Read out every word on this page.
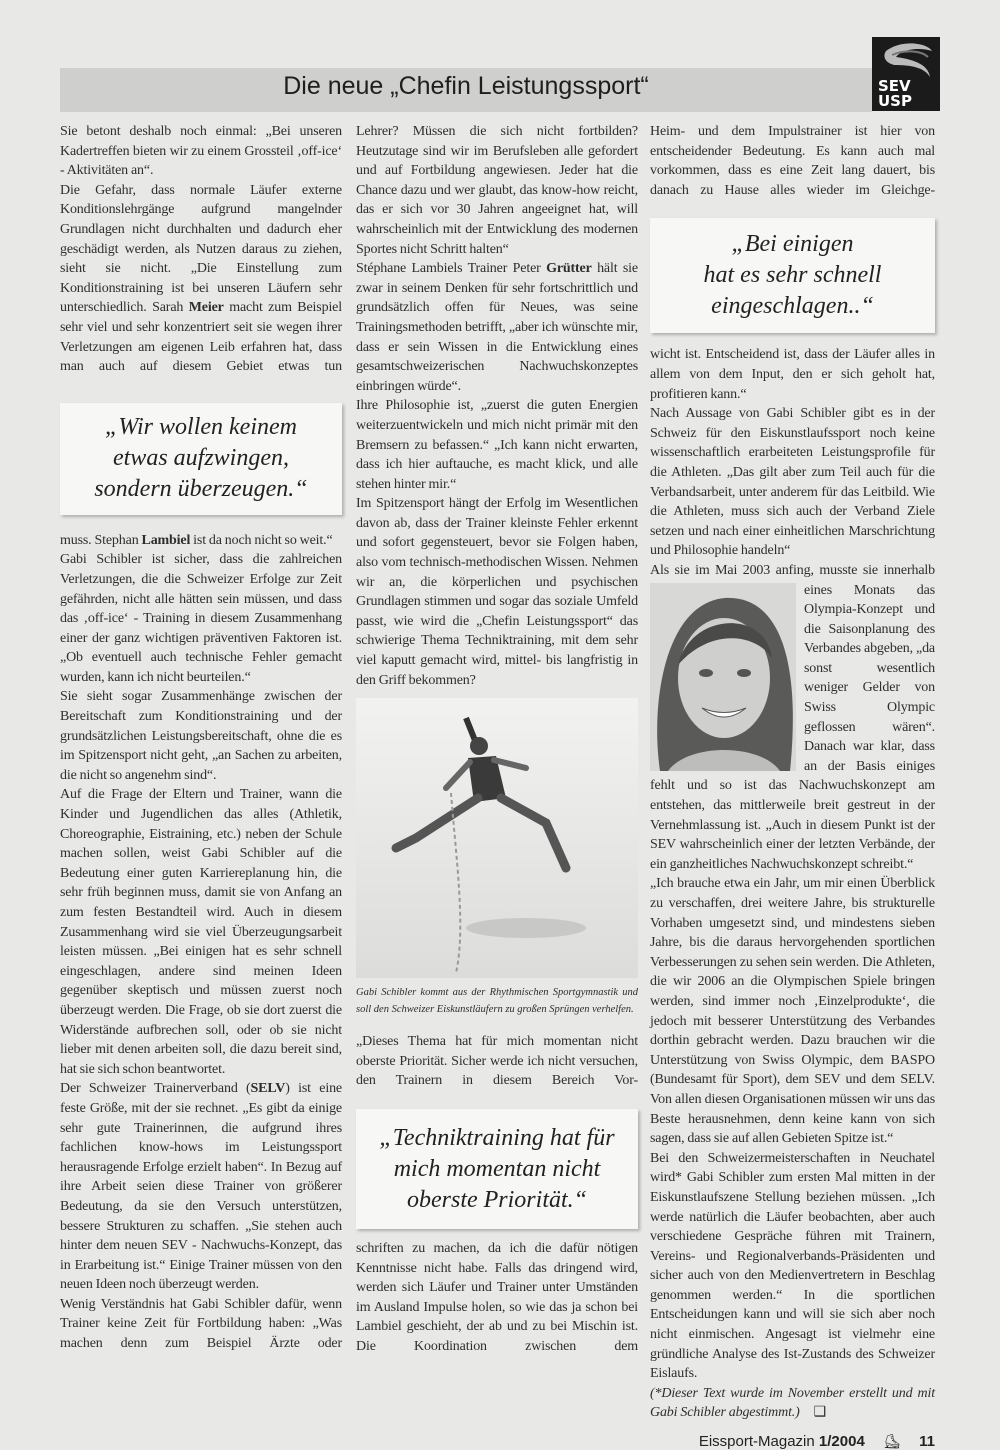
Die neue „Chefin Leistungssport“	SEV
USP

Sie betont deshalb noch einmal: „Bei unseren Kadertreffen bieten wir zu einem Grossteil ‚off-ice‘ - Aktivitäten an“.

Die Gefahr, dass normale Läufer externe Konditionslehrgänge aufgrund mangelnder Grundlagen nicht durchhalten und dadurch eher geschädigt werden, als Nutzen daraus zu ziehen, sieht sie nicht. „Die Einstellung zum Konditionstraining ist bei unseren Läufern sehr unterschiedlich. Sarah Meier macht zum Beispiel sehr viel und sehr konzentriert seit sie wegen ihrer Verletzungen am eigenen Leib erfahren hat, dass man auch auf diesem Gebiet etwas tun

„Wir wollen keinem
etwas aufzwingen,
sondern überzeugen.“

muss. Stephan Lambiel ist da noch nicht so weit.“

Gabi Schibler ist sicher, dass die zahlreichen Verletzungen, die die Schweizer Erfolge zur Zeit gefährden, nicht alle hätten sein müssen, und dass das ‚off-ice‘ - Training in diesem Zusammenhang einer der ganz wichtigen präventiven Faktoren ist. „Ob eventuell auch technische Fehler gemacht wurden, kann ich nicht beurteilen.“

Sie sieht sogar Zusammenhänge zwischen der Bereitschaft zum Konditionstraining und der grundsätzlichen Leistungsbereitschaft, ohne die es im Spitzensport nicht geht, „an Sachen zu arbeiten, die nicht so angenehm sind“.

Auf die Frage der Eltern und Trainer, wann die Kinder und Jugendlichen das alles (Athletik, Choreographie, Eistraining, etc.) neben der Schule machen sollen, weist Gabi Schibler auf die Bedeutung einer guten Karriereplanung hin, die sehr früh beginnen muss, damit sie von Anfang an zum festen Bestandteil wird. Auch in diesem Zusammenhang wird sie viel Überzeugungsarbeit leisten müssen. „Bei einigen hat es sehr schnell eingeschlagen, andere sind meinen Ideen gegenüber skeptisch und müssen zuerst noch überzeugt werden. Die Frage, ob sie dort zuerst die Widerstände aufbrechen soll, oder ob sie nicht lieber mit denen arbeiten soll, die dazu bereit sind, hat sie sich schon beantwortet.

Der Schweizer Trainerverband (SELV) ist eine feste Größe, mit der sie rechnet. „Es gibt da einige sehr gute Trainerinnen, die aufgrund ihres fachlichen know-hows im Leistungssport herausragende Erfolge erzielt haben“. In Bezug auf ihre Arbeit seien diese Trainer von größerer Bedeutung, da sie den Versuch unterstützen, bessere Strukturen zu schaffen. „Sie stehen auch hinter dem neuen SEV - Nachwuchs-Konzept, das in Erarbeitung ist.“ Einige Trainer müssen von den neuen Ideen noch überzeugt werden.

Wenig Verständnis hat Gabi Schibler dafür, wenn Trainer keine Zeit für Fortbildung haben: „Was machen denn zum Beispiel Ärzte oder

Lehrer? Müssen die sich nicht fortbilden? Heutzutage sind wir im Berufsleben alle gefordert und auf Fortbildung angewiesen. Jeder hat die Chance dazu und wer glaubt, das know-how reicht, das er sich vor 30 Jahren angeeignet hat, will wahrscheinlich mit der Entwicklung des modernen Sportes nicht Schritt halten“

Stéphane Lambiels Trainer Peter Grütter hält sie zwar in seinem Denken für sehr fortschrittlich und grundsätzlich offen für Neues, was seine Trainingsmethoden betrifft, „aber ich wünschte mir, dass er sein Wissen in die Entwicklung eines gesamtschweizerischen Nachwuchskonzeptes einbringen würde“.

Ihre Philosophie ist, „zuerst die guten Energien weiterzuentwickeln und mich nicht primär mit den Bremsern zu befassen.“ „Ich kann nicht erwarten, dass ich hier auftauche, es macht klick, und alle stehen hinter mir.“

Im Spitzensport hängt der Erfolg im Wesentlichen davon ab, dass der Trainer kleinste Fehler erkennt und sofort gegensteuert, bevor sie Folgen haben, also vom technisch-methodischen Wissen. Nehmen wir an, die körperlichen und psychischen Grundlagen stimmen und sogar das soziale Umfeld passt, wie wird die „Chefin Leistungssport“ das schwierige Thema Techniktraining, mit dem sehr viel kaputt gemacht wird, mittel- bis langfristig in den Griff bekommen?

Gabi Schibler kommt aus der Rhythmischen Sportgymnastik und soll den Schweizer Eiskunstläufern zu großen Sprüngen verhelfen.

„Dieses Thema hat für mich momentan nicht oberste Priorität. Sicher werde ich nicht versuchen, den Trainern in diesem Bereich Vor-

„Techniktraining hat für
mich momentan nicht
oberste Priorität.“

schriften zu machen, da ich die dafür nötigen Kenntnisse nicht habe. Falls das dringend wird, werden sich Läufer und Trainer unter Umständen im Ausland Impulse holen, so wie das ja schon bei Lambiel geschieht, der ab und zu bei Mischin ist. Die Koordination zwischen dem

Heim- und dem Impulstrainer ist hier von entscheidender Bedeutung. Es kann auch mal vorkommen, dass es eine Zeit lang dauert, bis danach zu Hause alles wieder im Gleichge-

„Bei einigen
hat es sehr schnell
eingeschlagen..“

wicht ist. Entscheidend ist, dass der Läufer alles in allem von dem Input, den er sich geholt hat, profitieren kann.“

Nach Aussage von Gabi Schibler gibt es in der Schweiz für den Eiskunstlaufssport noch keine wissenschaftlich erarbeiteten Leistungsprofile für die Athleten. „Das gilt aber zum Teil auch für die Verbandsarbeit, unter anderem für das Leitbild. Wie die Athleten, muss sich auch der Verband Ziele setzen und nach einer einheitlichen Marschrichtung und Philosophie handeln“

Als sie im Mai 2003 anfing, musste sie innerhalb eines Monats das Olympia-Konzept und die Saisonplanung des Verbandes abgeben, „da sonst wesentlich weniger Gelder von Swiss Olympic geflossen wären“. Danach war klar, dass an der Basis einiges fehlt und so ist das Nachwuchskonzept am entstehen, das mittlerweile breit gestreut in der Vernehmlassung ist. „Auch in diesem Punkt ist der SEV wahrscheinlich einer der letzten Verbände, der ein ganzheitliches Nachwuchskonzept schreibt.“

„Ich brauche etwa ein Jahr, um mir einen Überblick zu verschaffen, drei weitere Jahre, bis strukturelle Vorhaben umgesetzt sind, und mindestens sieben Jahre, bis die daraus hervorgehenden sportlichen Verbesserungen zu sehen sein werden. Die Athleten, die wir 2006 an die Olympischen Spiele bringen werden, sind immer noch ‚Einzelprodukte‘, die jedoch mit besserer Unterstützung des Verbandes dorthin gebracht werden. Dazu brauchen wir die Unterstützung von Swiss Olympic, dem BASPO (Bundesamt für Sport), dem SEV und dem SELV. Von allen diesen Organisationen müssen wir uns das Beste herausnehmen, denn keine kann von sich sagen, dass sie auf allen Gebieten Spitze ist.“

Bei den Schweizermeisterschaften in Neuchatel wird* Gabi Schibler zum ersten Mal mitten in der Eiskunstlaufszene Stellung beziehen müssen. „Ich werde natürlich die Läufer beobachten, aber auch verschiedene Gespräche führen mit Trainern, Vereins- und Regionalverbands-Präsidenten und sicher auch von den Medienvertretern in Beschlag genommen werden.“ In die sportlichen Entscheidungen kann und will sie sich aber noch nicht einmischen. Angesagt ist vielmehr eine gründliche Analyse des Ist-Zustands des Schweizer Eislaufs.

(*Dieser Text wurde im November erstellt und mit Gabi Schibler abgestimmt.) ❑

Eissport-Magazin 1/2004 ⛸ 11
